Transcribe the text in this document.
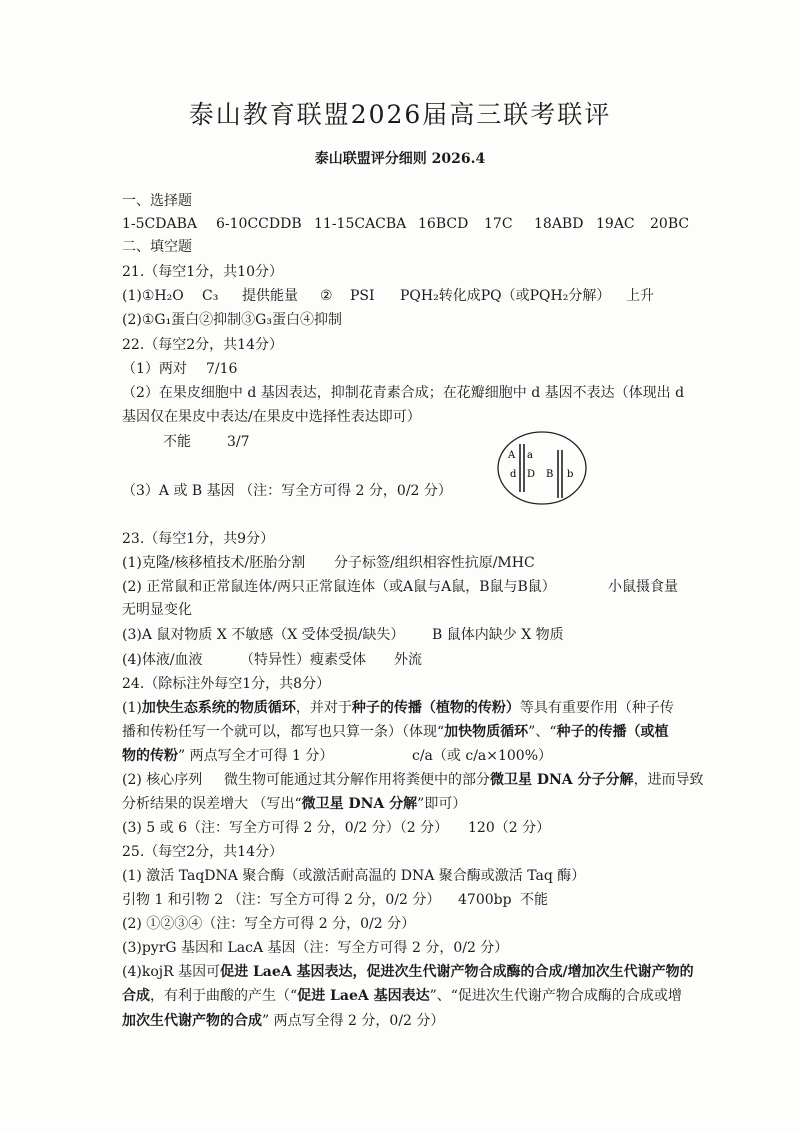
泰山教育联盟2026届高三联考联评
泰山联盟评分细则 2026.4
一、选择题
1-5CDABA 6-10CCDDB 11-15CACBA 16BCD 17C 18ABD 19AC 20BC
二、填空题
21.（每空1分，共10分）
(1)①H₂O C₃ 提供能量 ② PSI PQH₂转化成PQ（或PQH₂分解） 上升
(2)①G₁蛋白②抑制③G₃蛋白④抑制
22.（每空2分，共14分）
（1）两对 7/16
（2）在果皮细胞中 d 基因表达，抑制花青素合成；在花瓣细胞中 d 基因不表达（体现出 d
基因仅在果皮中表达/在果皮中选择性表达即可）
不能	3/7
（3）A 或 B 基因 （注：写全方可得 2 分，0/2 分）
A a
d D B b
23.（每空1分，共9分）
(1)克隆/核移植技术/胚胎分割 分子标签/组织相容性抗原/MHC
(2) 正常鼠和正常鼠连体/两只正常鼠连体（或A鼠与A鼠，B鼠与B鼠）	小鼠摄食量
无明显变化
(3)A 鼠对物质 X 不敏感（X 受体受损/缺失） B 鼠体内缺少 X 物质
(4)体液/血液	（特异性）瘦素受体 外流
24.（除标注外每空1分，共8分）
(1)加快生态系统的物质循环，并对于种子的传播（植物的传粉）等具有重要作用（种子传
播和传粉任写一个就可以，都写也只算一条）（体现“加快物质循环”、“种子的传播（或植
物的传粉” 两点写全才可得 1 分）	c/a（或 c/a×100%）
(2) 核心序列 微生物可能通过其分解作用将粪便中的部分微卫星 DNA 分子分解，进而导致
分析结果的误差增大 （写出“微卫星 DNA 分解”即可）
(3) 5 或 6（注：写全方可得 2 分，0/2 分）（2 分） 120（2 分）
25.（每空2分，共14分）
(1) 激活 TaqDNA 聚合酶（或激活耐高温的 DNA 聚合酶或激活 Taq 酶）
引物 1 和引物 2 （注：写全方可得 2 分，0/2 分） 4700bp 不能
(2) ①②③④（注：写全方可得 2 分，0/2 分）
(3)pyrG 基因和 LacA 基因（注：写全方可得 2 分，0/2 分）
(4)kojR 基因可促进 LaeA 基因表达，促进次生代谢产物合成酶的合成/增加次生代谢产物的
合成，有利于曲酸的产生（“促进 LaeA 基因表达”、“促进次生代谢产物合成酶的合成或增
加次生代谢产物的合成” 两点写全得 2 分，0/2 分）
